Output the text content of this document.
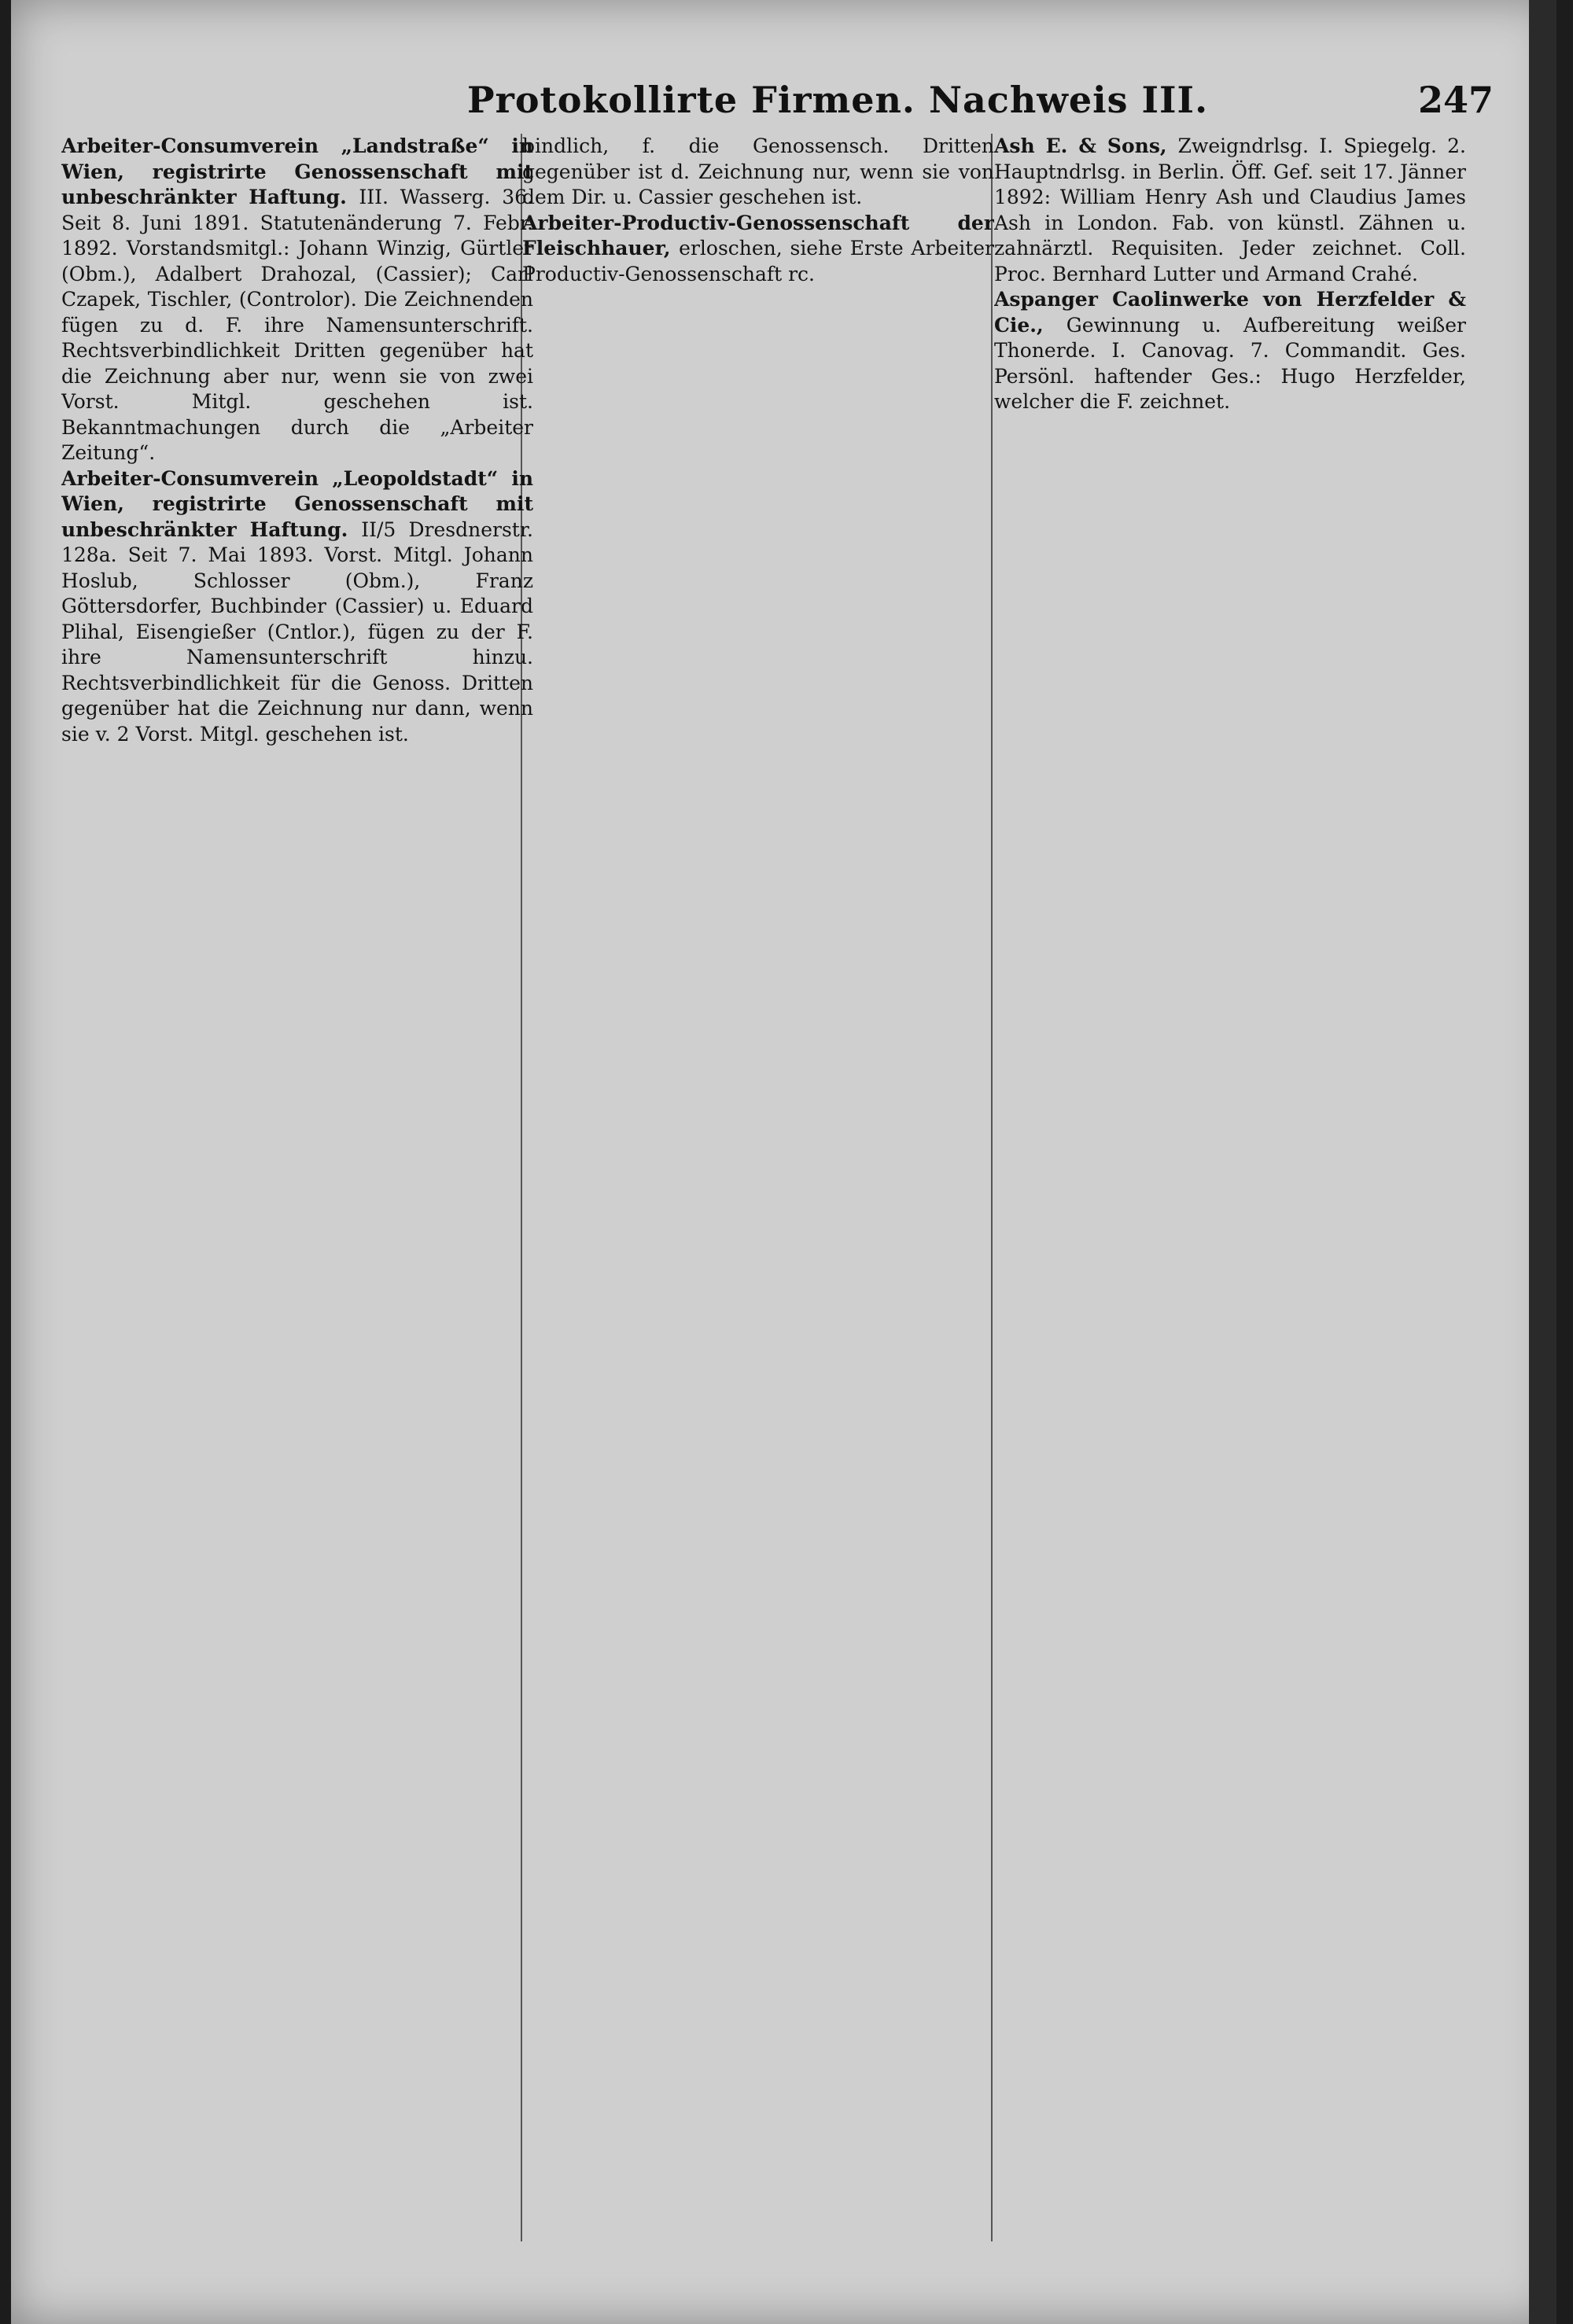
Protokollirte Firmen. Nachweis III.	247

Arbeiter-Consumverein „Landstraße“ in Wien, registrirte Genossenschaft mit unbeschränkter Haftung. III. Wasserg. 36. Seit 8. Juni 1891. Statutenänderung 7. Febr. 1892. Vorstandsmitgl.: Johann Winzig, Gürtler (Obm.), Adalbert Drahozal, (Cassier); Carl Czapek, Tischler, (Controlor). Die Zeichnenden fügen zu d. F. ihre Namensunterschrift. Rechtsverbindlichkeit Dritten gegenüber hat die Zeichnung aber nur, wenn sie von zwei Vorst. Mitgl. geschehen ist. Bekanntmachungen durch die „Arbeiter Zeitung“.

Arbeiter-Consumverein „Leopoldstadt“ in Wien, registrirte Genossenschaft mit unbeschränkter Haftung. II/5 Dresdnerstr. 128a. Seit 7. Mai 1893. Vorst. Mitgl. Johann Hoslub, Schlosser (Obm.), Franz Göttersdorfer, Buchbinder (Cassier) u. Eduard Plihal, Eisengießer (Cntlor.), fügen zu der F. ihre Namensunterschrift hinzu. Rechtsverbindlichkeit für die Genoss. Dritten gegenüber hat die Zeichnung nur dann, wenn sie v. 2 Vorst. Mitgl. geschehen ist.

bindlich, f. die Genossensch. Dritten gegenüber ist d. Zeichnung nur, wenn sie von dem Dir. u. Cassier geschehen ist.

Arbeiter-Productiv-Genossenschaft der Fleischhauer, erloschen, siehe Erste Arbeiter Productiv-Genossenschaft rc.

Ash E. & Sons, Zweigndrlsg. I. Spiegelg. 2. Hauptndrlsg. in Berlin. Öff. Gef. seit 17. Jänner 1892: William Henry Ash und Claudius James Ash in London. Fab. von künstl. Zähnen u. zahnärztl. Requisiten. Jeder zeichnet. Coll. Proc. Bernhard Lutter und Armand Crahé.

Aspanger Caolinwerke von Herzfelder & Cie., Gewinnung u. Aufbereitung weißer Thonerde. I. Canovag. 7. Commandit. Ges. Persönl. haftender Ges.: Hugo Herzfelder, welcher die F. zeichnet.
